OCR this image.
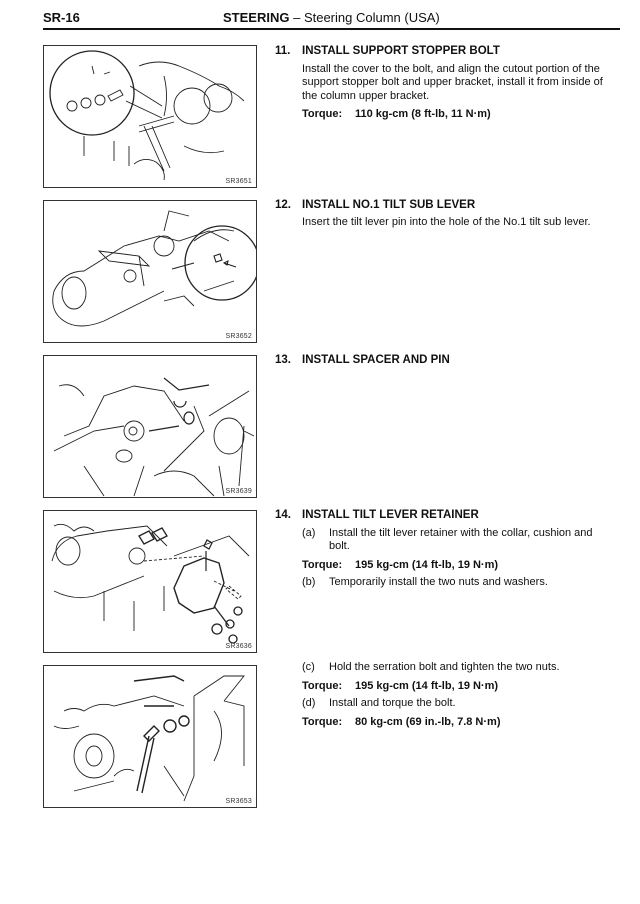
SR-16	STEERING – Steering Column (USA)
SR3651
SR3652
SR3639
SR3636
SR3653
11.	INSTALL SUPPORT STOPPER BOLT
Install the cover to the bolt, and align the cutout portion of the support stopper bolt and upper bracket, install it from inside of the column upper bracket.
Torque: 110 kg-cm (8 ft-lb, 11 N·m)
12. INSTALL NO.1 TILT SUB LEVER
Insert the tilt lever pin into the hole of the No.1 tilt sub lever.
13. INSTALL SPACER AND PIN
14. INSTALL TILT LEVER RETAINER
(a)	Install the tilt lever retainer with the collar, cushion and bolt.
Torque: 195 kg-cm (14 ft-lb, 19 N·m)
(b)	Temporarily install the two nuts and washers.
(c)	Hold the serration bolt and tighten the two nuts.
Torque: 195 kg-cm (14 ft-lb, 19 N·m)
(d)	Install and torque the bolt.
Torque: 80 kg-cm (69 in.-lb, 7.8 N·m)
